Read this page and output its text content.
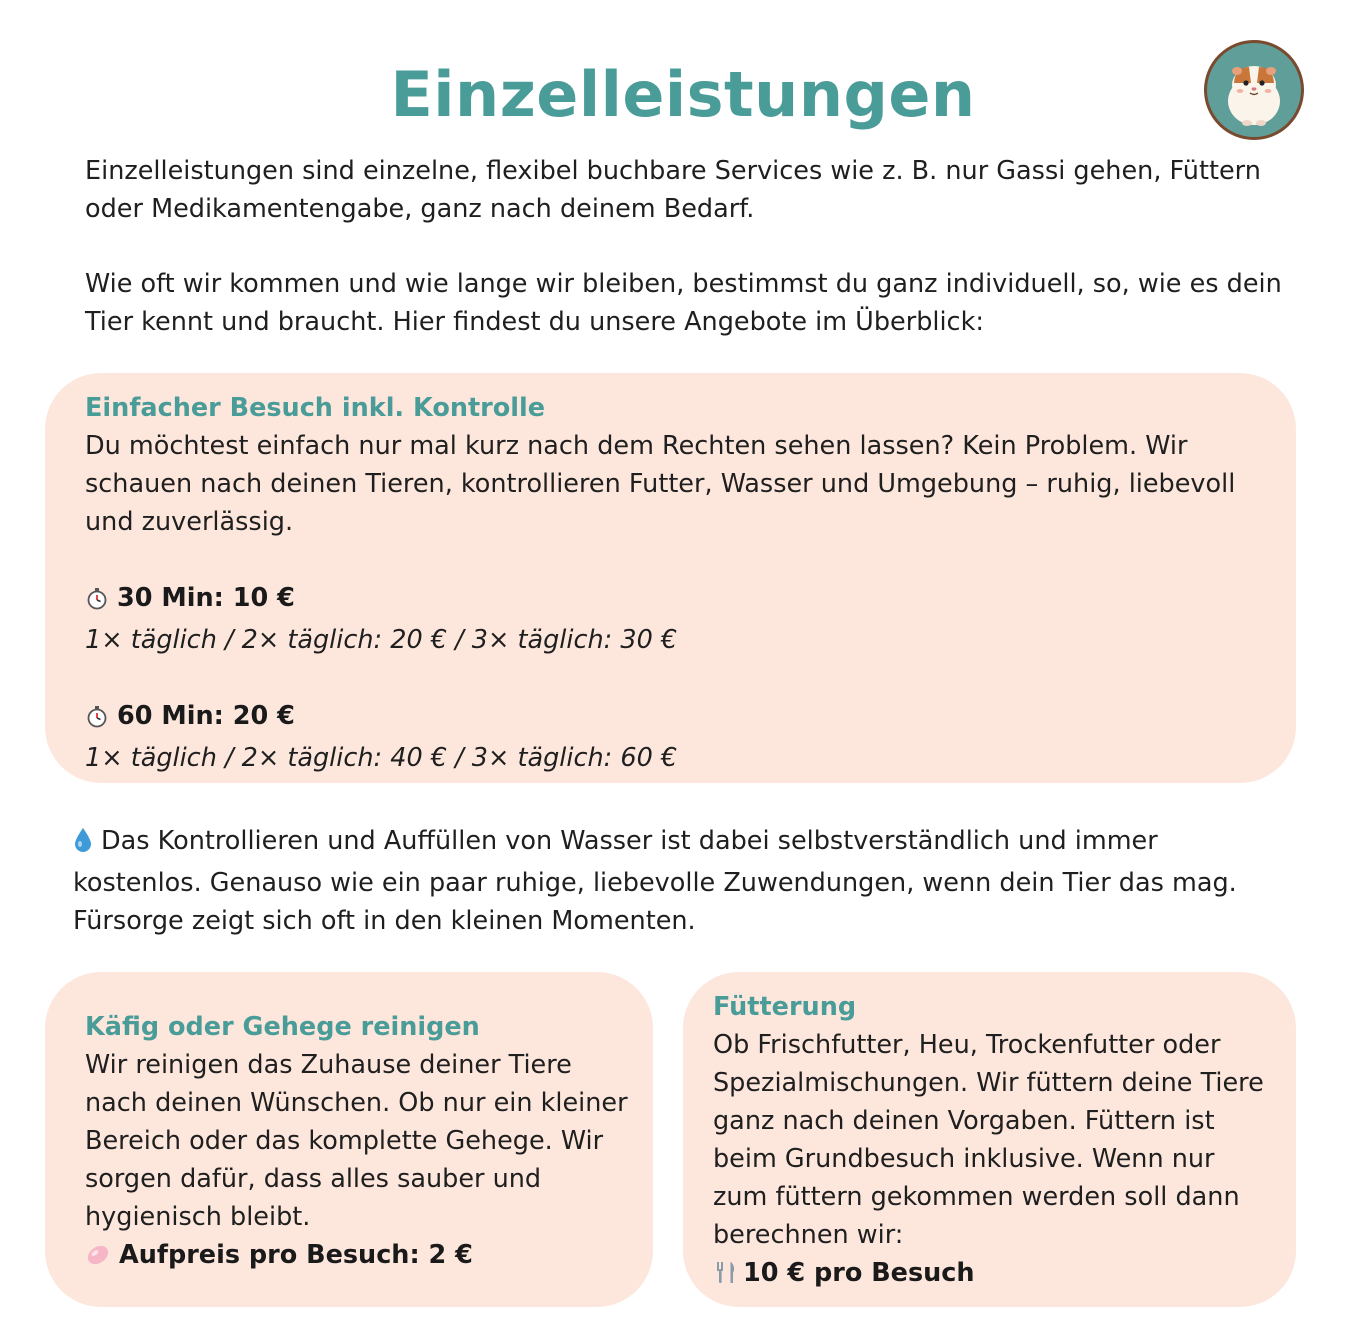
Einzelleistungen

Einzelleistungen sind einzelne, flexibel buchbare Services wie z. B. nur Gassi gehen, Füttern oder Medikamentengabe, ganz nach deinem Bedarf.

Wie oft wir kommen und wie lange wir bleiben, bestimmst du ganz individuell, so, wie es dein Tier kennt und braucht. Hier findest du unsere Angebote im Überblick:

Einfacher Besuch inkl. Kontrolle

Du möchtest einfach nur mal kurz nach dem Rechten sehen lassen? Kein Problem. Wir schauen nach deinen Tieren, kontrollieren Futter, Wasser und Umgebung – ruhig, liebevoll und zuverlässig.

30 Min: 10 €

1× täglich / 2× täglich: 20 € / 3× täglich: 30 €

60 Min: 20 €

1× täglich / 2× täglich: 40 € / 3× täglich: 60 €

Das Kontrollieren und Auffüllen von Wasser ist dabei selbstverständlich und immer kostenlos. Genauso wie ein paar ruhige, liebevolle Zuwendungen, wenn dein Tier das mag. Fürsorge zeigt sich oft in den kleinen Momenten.

Käfig oder Gehege reinigen

Wir reinigen das Zuhause deiner Tiere nach deinen Wünschen. Ob nur ein kleiner Bereich oder das komplette Gehege. Wir sorgen dafür, dass alles sauber und hygienisch bleibt.

Aufpreis pro Besuch: 2 €

Fütterung

Ob Frischfutter, Heu, Trockenfutter oder Spezialmischungen. Wir füttern deine Tiere ganz nach deinen Vorgaben. Füttern ist beim Grundbesuch inklusive. Wenn nur zum füttern gekommen werden soll dann berechnen wir:

10 € pro Besuch
